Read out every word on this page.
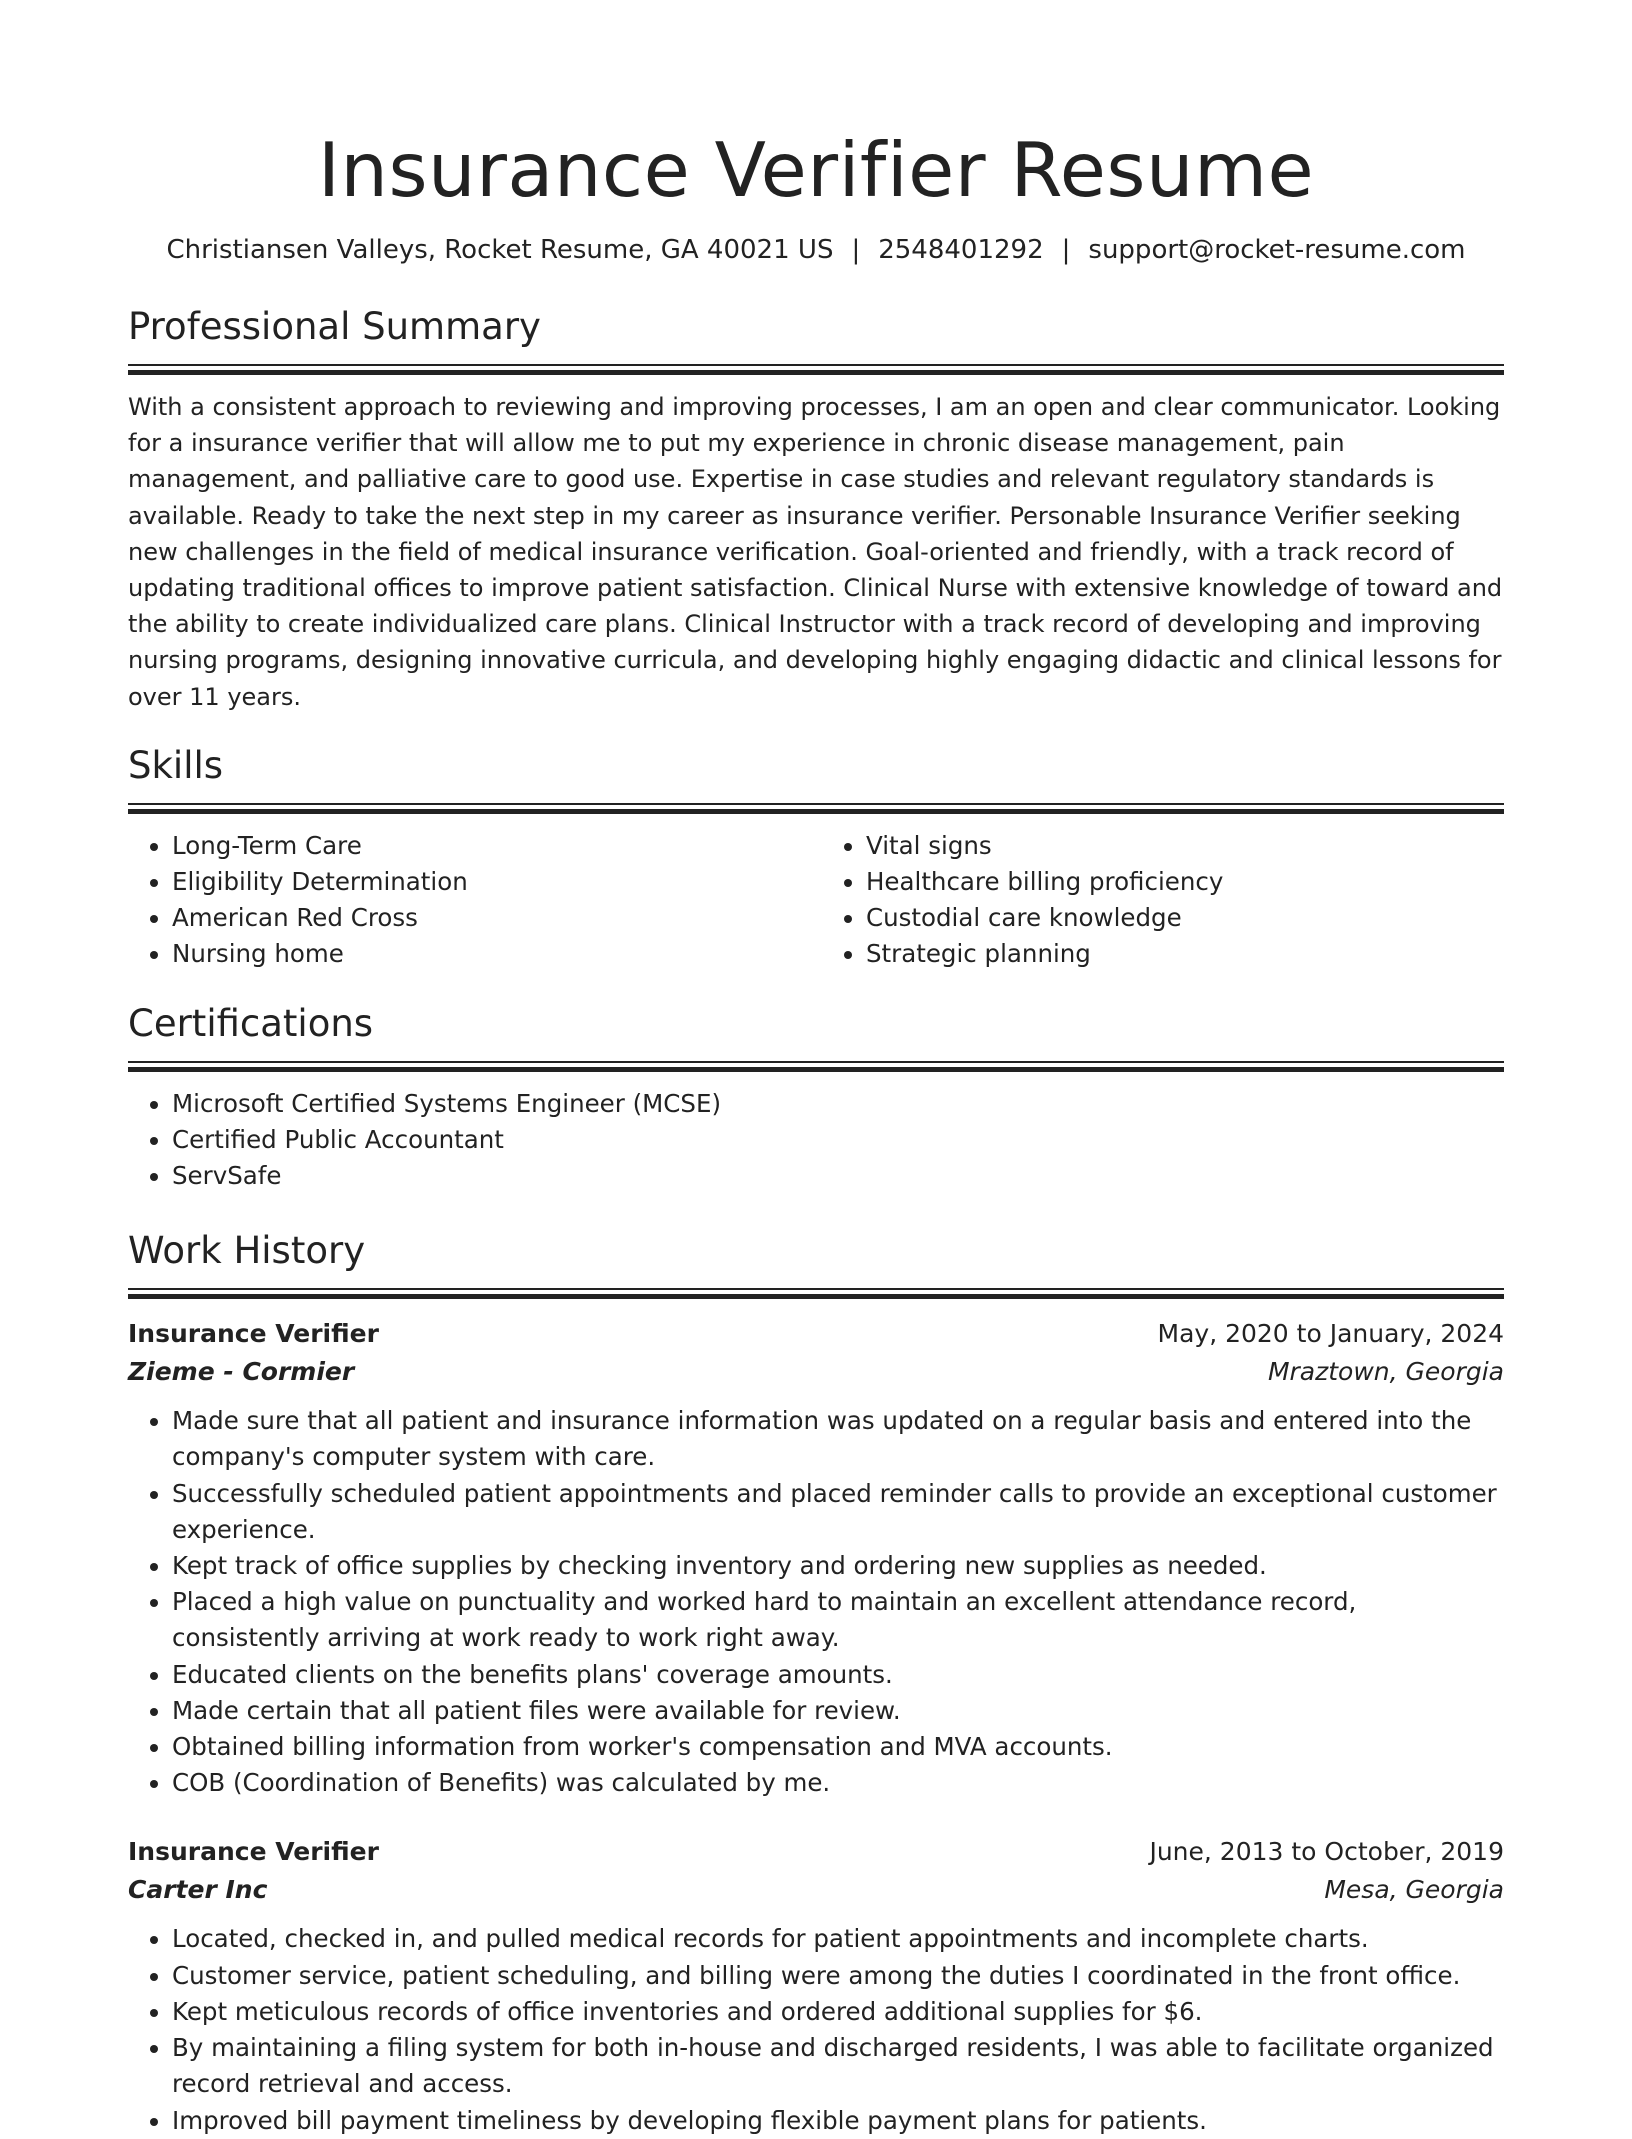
Insurance Verifier Resume
Christiansen Valleys, Rocket Resume, GA 40021 US | 2548401292 | support@rocket-resume.com
Professional Summary
With a consistent approach to reviewing and improving processes, I am an open and clear communicator. Looking for a insurance verifier that will allow me to put my experience in chronic disease management, pain management, and palliative care to good use. Expertise in case studies and relevant regulatory standards is available. Ready to take the next step in my career as insurance verifier. Personable Insurance Verifier seeking new challenges in the field of medical insurance verification. Goal-oriented and friendly, with a track record of updating traditional offices to improve patient satisfaction. Clinical Nurse with extensive knowledge of toward and the ability to create individualized care plans. Clinical Instructor with a track record of developing and improving nursing programs, designing innovative curricula, and developing highly engaging didactic and clinical lessons for over 11 years.
Skills
• Long-Term Care
• Eligibility Determination
• American Red Cross
• Nursing home
• Vital signs
• Healthcare billing proficiency
• Custodial care knowledge
• Strategic planning
Certifications
• Microsoft Certified Systems Engineer (MCSE)
• Certified Public Accountant
• ServSafe
Work History
Insurance Verifier	May, 2020 to January, 2024
Zieme - Cormier	Mraztown, Georgia
• Made sure that all patient and insurance information was updated on a regular basis and entered into the company's computer system with care.
• Successfully scheduled patient appointments and placed reminder calls to provide an exceptional customer experience.
• Kept track of office supplies by checking inventory and ordering new supplies as needed.
• Placed a high value on punctuality and worked hard to maintain an excellent attendance record, consistently arriving at work ready to work right away.
• Educated clients on the benefits plans' coverage amounts.
• Made certain that all patient files were available for review.
• Obtained billing information from worker's compensation and MVA accounts.
• COB (Coordination of Benefits) was calculated by me.
Insurance Verifier	June, 2013 to October, 2019
Carter Inc	Mesa, Georgia
• Located, checked in, and pulled medical records for patient appointments and incomplete charts.
• Customer service, patient scheduling, and billing were among the duties I coordinated in the front office.
• Kept meticulous records of office inventories and ordered additional supplies for $6.
• By maintaining a filing system for both in-house and discharged residents, I was able to facilitate organized record retrieval and access.
• Improved bill payment timeliness by developing flexible payment plans for patients.
